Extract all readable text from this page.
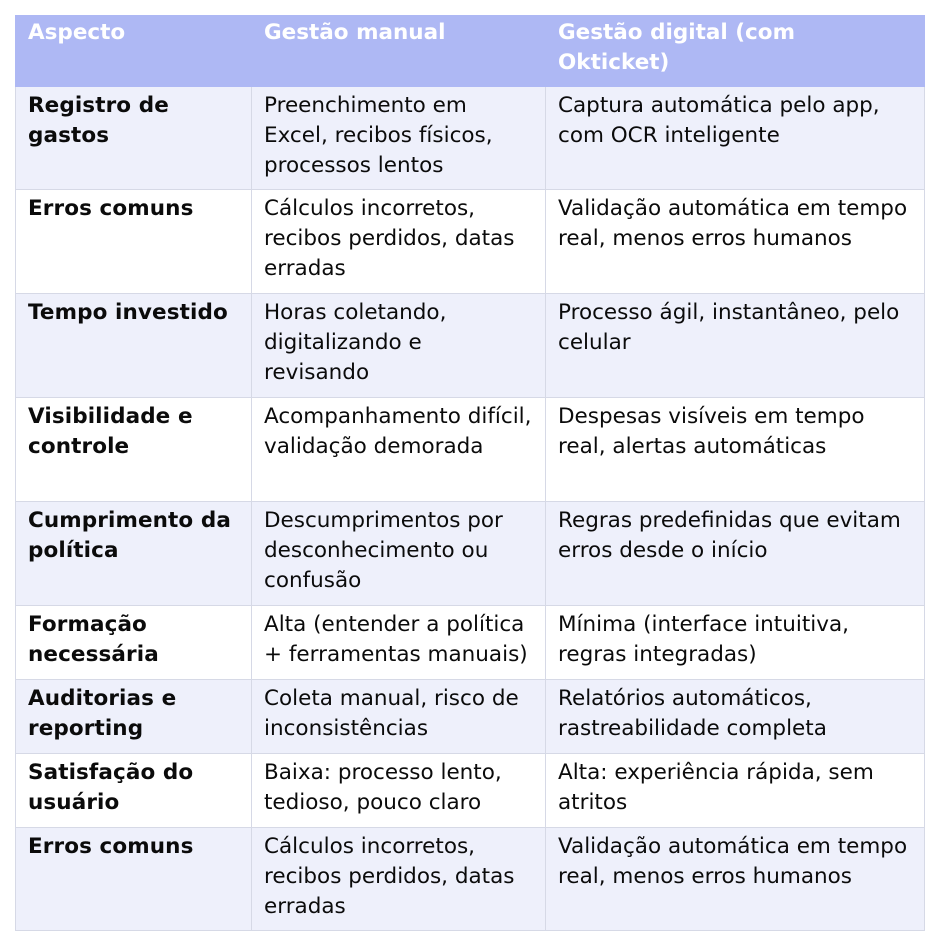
Aspecto	Gestão manual	Gestão digital (com Okticket)
Registro de gastos	Preenchimento em Excel, recibos físicos, processos lentos	Captura automática pelo app, com OCR inteligente
Erros comuns	Cálculos incorretos, recibos perdidos, datas erradas	Validação automática em tempo real, menos erros humanos
Tempo investido	Horas coletando, digitalizando e revisando	Processo ágil, instantâneo, pelo celular
Visibilidade e controle	Acompanhamento difícil, validação demorada	Despesas visíveis em tempo real, alertas automáticas
Cumprimento da política	Descumprimentos por desconhecimento ou confusão	Regras predefinidas que evitam erros desde o início
Formação necessária	Alta (entender a política + ferramentas manuais)	Mínima (interface intuitiva, regras integradas)
Auditorias e reporting	Coleta manual, risco de inconsistências	Relatórios automáticos, rastreabilidade completa
Satisfação do usuário	Baixa: processo lento, tedioso, pouco claro	Alta: experiência rápida, sem atritos
Erros comuns	Cálculos incorretos, recibos perdidos, datas erradas	Validação automática em tempo real, menos erros humanos
